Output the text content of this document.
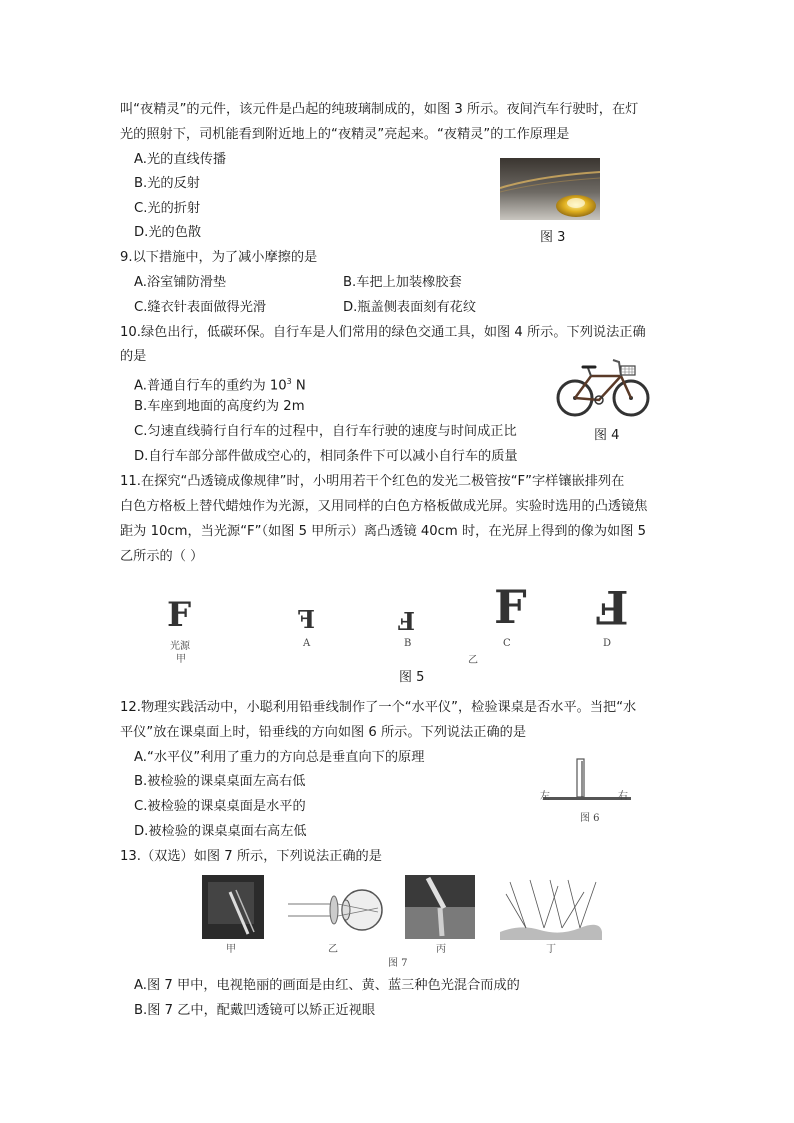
叫“夜精灵”的元件，该元件是凸起的纯玻璃制成的，如图 3 所示。夜间汽车行驶时，在灯
光的照射下，司机能看到附近地上的“夜精灵”亮起来。“夜精灵”的工作原理是
A.光的直线传播
B.光的反射
C.光的折射
D.光的色散	图 3
9.以下措施中，为了减小摩擦的是
A.浴室铺防滑垫	B.车把上加装橡胶套
C.缝衣针表面做得光滑	D.瓶盖侧表面刻有花纹
10.绿色出行，低碳环保。自行车是人们常用的绿色交通工具，如图 4 所示。下列说法正确
的是
A.普通自行车的重约为 $10^3$ N
B.车座到地面的高度约为 2m
C.匀速直线骑行自行车的过程中，自行车行驶的速度与时间成正比
D.自行车部分部件做成空心的，相同条件下可以减小自行车的质量
图 4
11.在探究“凸透镜成像规律”时，小明用若干个红色的发光二极管按“F”字样镶嵌排列在
白色方格板上替代蜡烛作为光源，又用同样的白色方格板做成光屏。实验时选用的凸透镜焦
距为 10cm，当光源“F”（如图 5 甲所示）离凸透镜 40cm 时，在光屏上得到的像为如图 5
乙所示的（ ）
F
光源
甲
F
A
F
B
F
C
F
D
乙
图 5
12.物理实践活动中，小聪利用铅垂线制作了一个“水平仪”，检验课桌是否水平。当把“水
平仪”放在课桌面上时，铅垂线的方向如图 6 所示。下列说法正确的是
A.“水平仪”利用了重力的方向总是垂直向下的原理
B.被检验的课桌桌面左高右低
C.被检验的课桌桌面是水平的
D.被检验的课桌桌面右高左低
左	右
图 6
13.（双选）如图 7 所示，下列说法正确的是
甲	乙	丙	丁
图 7
A.图 7 甲中，电视艳丽的画面是由红、黄、蓝三种色光混合而成的
B.图 7 乙中，配戴凹透镜可以矫正近视眼
